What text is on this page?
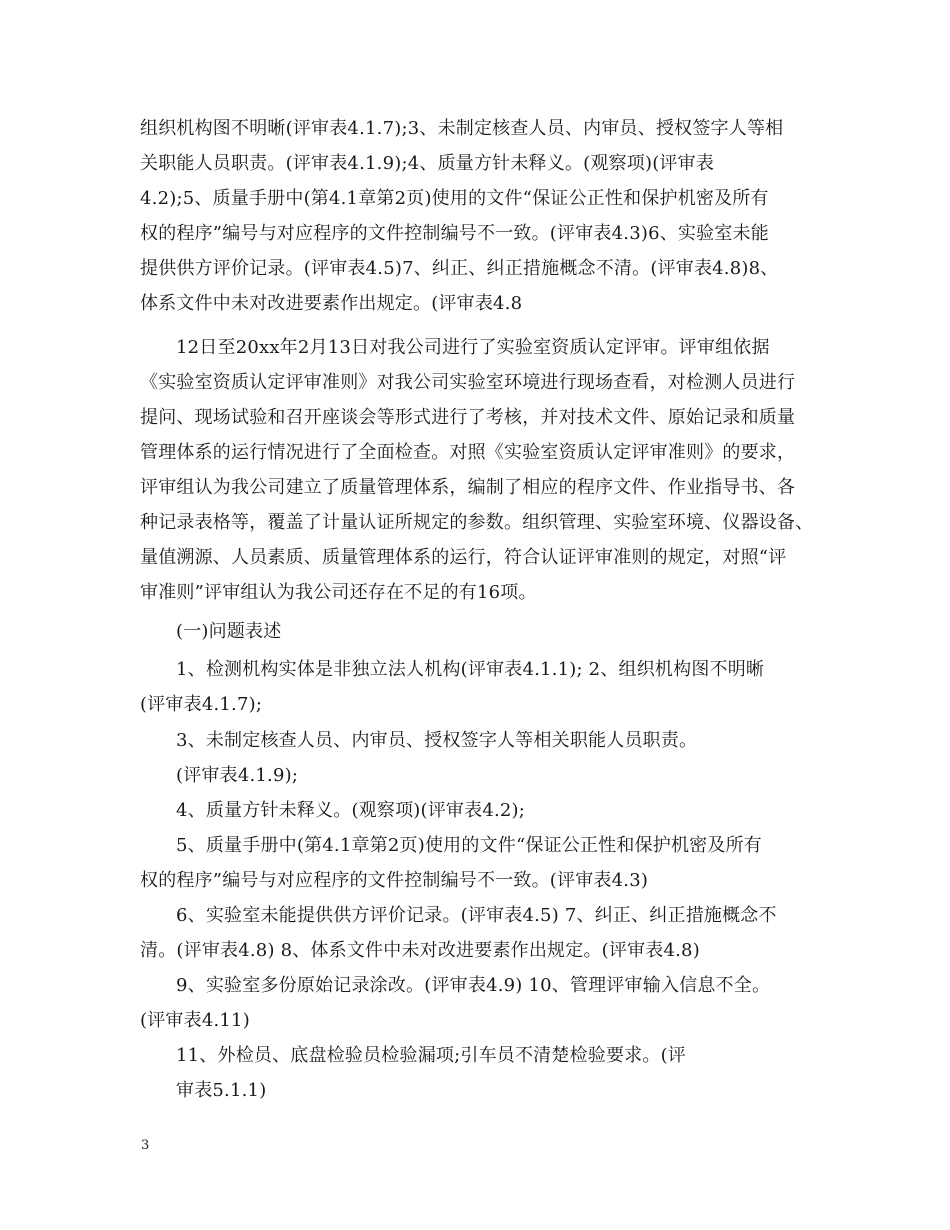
组织机构图不明晰(评审表4.1.7);3、未制定核查人员、内审员、授权签字人等相
关职能人员职责。(评审表4.1.9);4、质量方针未释义。(观察项)(评审表
4.2);5、质量手册中(第4.1章第2页)使用的文件“保证公正性和保护机密及所有
权的程序”编号与对应程序的文件控制编号不一致。(评审表4.3)6、实验室未能
提供供方评价记录。(评审表4.5)7、纠正、纠正措施概念不清。(评审表4.8)8、
体系文件中未对改进要素作出规定。(评审表4.8
12日至20xx年2月13日对我公司进行了实验室资质认定评审。评审组依据
《实验室资质认定评审准则》对我公司实验室环境进行现场查看，对检测人员进行
提问、现场试验和召开座谈会等形式进行了考核，并对技术文件、原始记录和质量
管理体系的运行情况进行了全面检查。对照《实验室资质认定评审准则》的要求，
评审组认为我公司建立了质量管理体系，编制了相应的程序文件、作业指导书、各
种记录表格等，覆盖了计量认证所规定的参数。组织管理、实验室环境、仪器设备、
量值溯源、人员素质、质量管理体系的运行，符合认证评审准则的规定，对照“评
审准则”评审组认为我公司还存在不足的有16项。
(一)问题表述
1、检测机构实体是非独立法人机构(评审表4.1.1); 2、组织机构图不明晰
(评审表4.1.7);
3、未制定核查人员、内审员、授权签字人等相关职能人员职责。
(评审表4.1.9);
4、质量方针未释义。(观察项)(评审表4.2);
5、质量手册中(第4.1章第2页)使用的文件“保证公正性和保护机密及所有
权的程序”编号与对应程序的文件控制编号不一致。(评审表4.3)
6、实验室未能提供供方评价记录。(评审表4.5) 7、纠正、纠正措施概念不
清。(评审表4.8) 8、体系文件中未对改进要素作出规定。(评审表4.8)
9、实验室多份原始记录涂改。(评审表4.9) 10、管理评审输入信息不全。
(评审表4.11)
11、外检员、底盘检验员检验漏项;引车员不清楚检验要求。(评
审表5.1.1)
3
